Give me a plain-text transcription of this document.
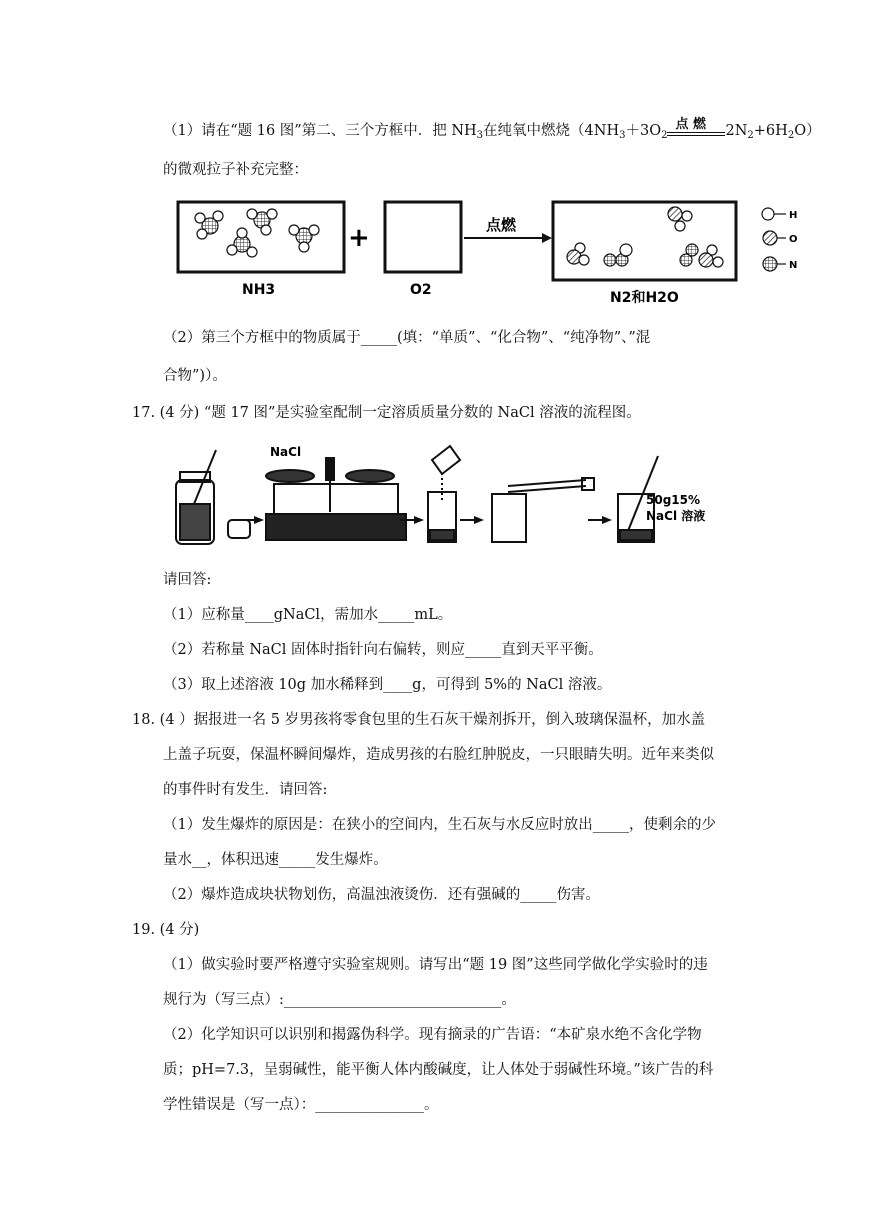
（1）请在“题 16 图”第二、三个方框中．把 $NH_3$在纯氧中燃烧（$4NH_3+3O_2$
点 燃 $2N_2+6H_2O$）
的微观拉子补充完整：
NH3
+
O2
点燃
N2和H2O
H
O
N
（2）第三个方框中的物质属于_____(填：“单质”、“化合物”、“纯净物”、”混
合物”)）。
17. (4 分) “题 17 图”是实验室配制一定溶质质量分数的 NaCl 溶液的流程图。
NaCl
50g15%
NaCl 溶液
请回答:
（1）应称量____gNaCl，需加水_____mL。
（2）若称量 NaCl 固体时指针向右偏转，则应_____直到天平平衡。
（3）取上述溶液 10g 加水稀释到____g，可得到 5%的 NaCl 溶液。
18. (4 ）据报进一名 5 岁男孩将零食包里的生石灰干燥剂拆开，倒入玻璃保温杯，加水盖
上盖子玩耍，保温杯瞬间爆炸，造成男孩的右脸红肿脱皮，一只眼睛失明。近年来类似
的事件时有发生．请回答:
（1）发生爆炸的原因是：在狭小的空间内，生石灰与水反应时放出_____，使剩余的少
量水__，体积迅速_____发生爆炸。
（2）爆炸造成块状物划伤，高温浊液烫伤．还有强碱的_____伤害。
19. (4 分)
（1）做实验时要严格遵守实验室规则。请写出“题 19 图”这些同学做化学实验时的违
规行为（写三点）:______________________________。
（2）化学知识可以识别和揭露伪科学。现有摘录的广告语：“本矿泉水绝不含化学物
质；pH=7.3，呈弱碱性，能平衡人体内酸碱度，让人体处于弱碱性环境。”该广告的科
学性错误是（写一点）：_______________。
